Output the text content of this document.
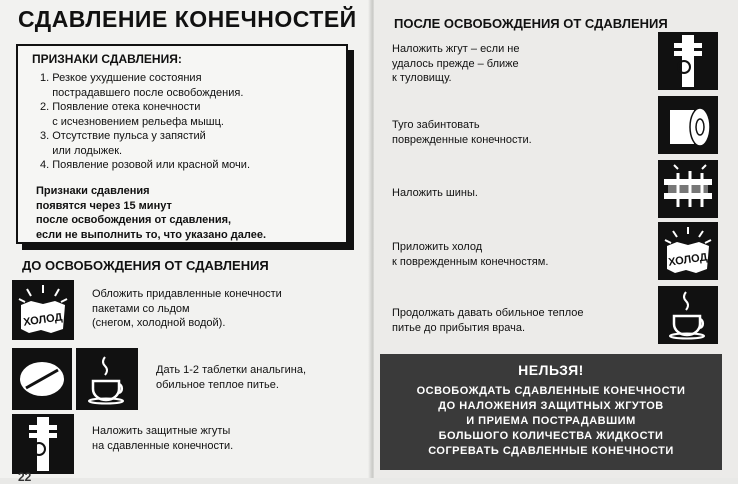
СДАВЛЕНИЕ КОНЕЧНОСТЕЙ
ПРИЗНАКИ СДАВЛЕНИЯ:
1. Резкое ухудшение состояния
пострадавшего после освобождения.
2. Появление отека конечности
с исчезновением рельефа мышц.
3. Отсутствие пульса у запястий
или лодыжек.
4. Появление розовой или красной мочи.
Признаки сдавления
появятся через 15 минут
после освобождения от сдавления,
если не выполнить то, что указано далее.
ДО ОСВОБОЖДЕНИЯ ОТ СДАВЛЕНИЯ
ХОЛОД
Обложить придавленные конечности
пакетами со льдом
(снегом, холодной водой).
Дать 1-2 таблетки анальгина,
обильное теплое питье.
Наложить защитные жгуты
на сдавленные конечности.
22
ПОСЛЕ ОСВОБОЖДЕНИЯ ОТ СДАВЛЕНИЯ
Наложить жгут – если не
удалось прежде – ближе
к туловищу.
Туго забинтовать
поврежденные конечности.
Наложить шины.
Приложить холод
к поврежденным конечностям.	ХОЛОД
Продолжать давать обильное теплое
питье до прибытия врача.
НЕЛЬЗЯ!
ОСВОБОЖДАТЬ СДАВЛЕННЫЕ КОНЕЧНОСТИ
ДО НАЛОЖЕНИЯ ЗАЩИТНЫХ ЖГУТОВ
И ПРИЕМА ПОСТРАДАВШИМ
БОЛЬШОГО КОЛИЧЕСТВА ЖИДКОСТИ
СОГРЕВАТЬ СДАВЛЕННЫЕ КОНЕЧНОСТИ
